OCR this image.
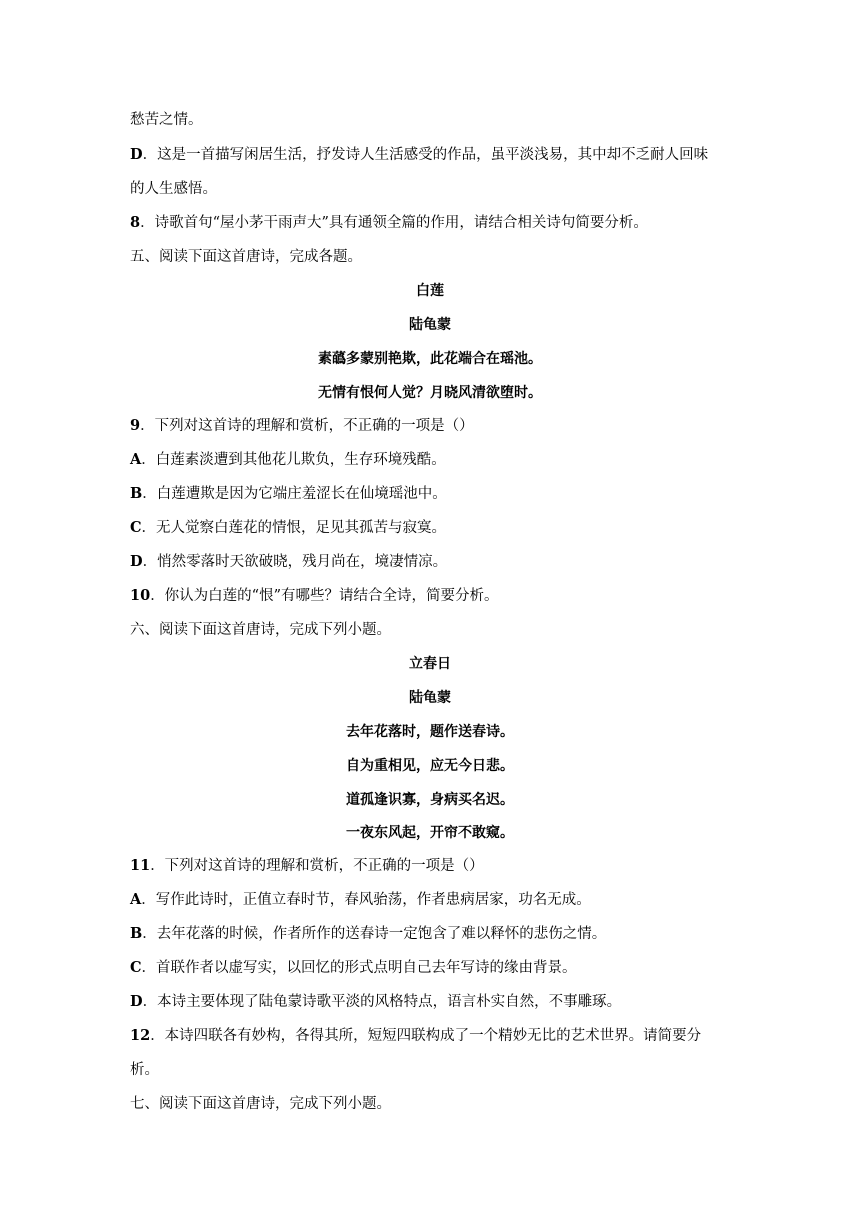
愁苦之情。
D．这是一首描写闲居生活，抒发诗人生活感受的作品，虽平淡浅易，其中却不乏耐人回味
的人生感悟。
8．诗歌首句“屋小茅干雨声大”具有通领全篇的作用，请结合相关诗句简要分析。
五、阅读下面这首唐诗，完成各题。
白莲
陆龟蒙
素蘤多蒙别艳欺，此花端合在瑶池。
无情有恨何人觉？月晓风清欲堕时。
9．下列对这首诗的理解和赏析，不正确的一项是（）
A．白莲素淡遭到其他花儿欺负，生存环境残酷。
B．白莲遭欺是因为它端庄羞涩长在仙境瑶池中。
C．无人觉察白莲花的情恨，足见其孤苦与寂寞。
D．悄然零落时天欲破晓，残月尚在，境凄情凉。
10．你认为白莲的“恨”有哪些？请结合全诗，简要分析。
六、阅读下面这首唐诗，完成下列小题。
立春日
陆龟蒙
去年花落时，题作送春诗。
自为重相见，应无今日悲。
道孤逢识寡，身病买名迟。
一夜东风起，开帘不敢窥。
11．下列对这首诗的理解和赏析，不正确的一项是（）
A．写作此诗时，正值立春时节，春风骀荡，作者患病居家，功名无成。
B．去年花落的时候，作者所作的送春诗一定饱含了难以释怀的悲伤之情。
C．首联作者以虚写实，以回忆的形式点明自己去年写诗的缘由背景。
D．本诗主要体现了陆龟蒙诗歌平淡的风格特点，语言朴实自然，不事雕琢。
12．本诗四联各有妙构，各得其所，短短四联构成了一个精妙无比的艺术世界。请简要分
析。
七、阅读下面这首唐诗，完成下列小题。
